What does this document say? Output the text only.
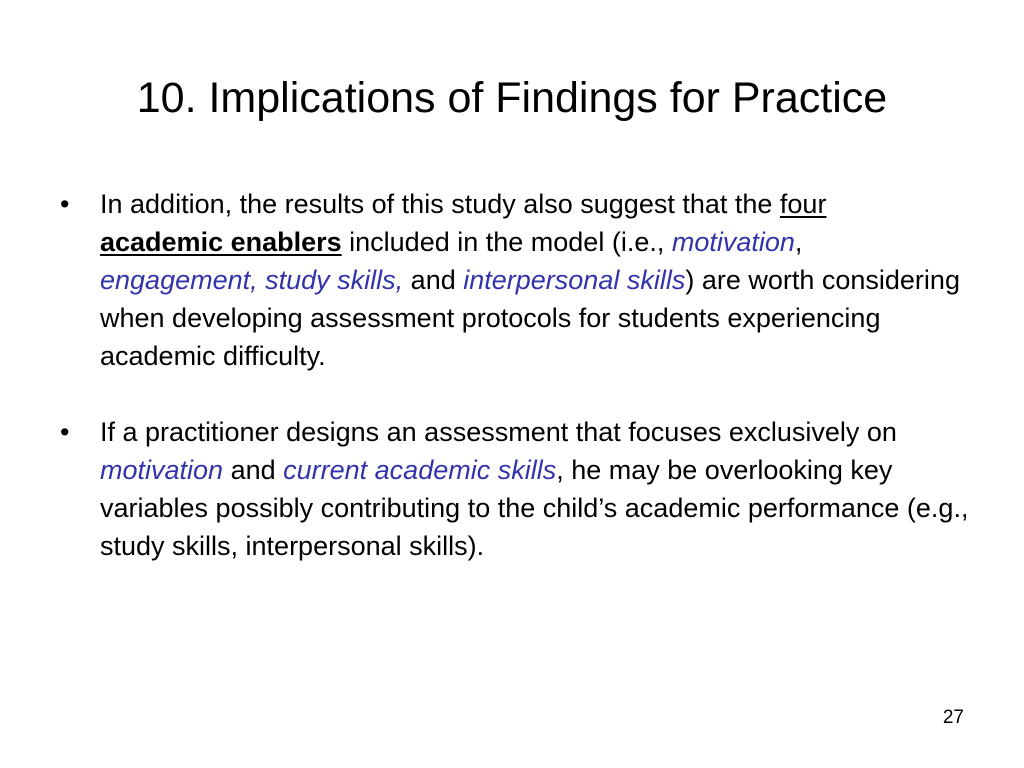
10. Implications of Findings for Practice
• In addition, the results of this study also suggest that the four
academic enablers included in the model (i.e., motivation,
engagement, study skills, and interpersonal skills) are worth considering when developing assessment protocols for students experiencing academic difficulty.
• If a practitioner designs an assessment that focuses exclusively on motivation and current academic skills, he may be overlooking key variables possibly contributing to the child’s academic performance (e.g., study skills, interpersonal skills).
27
